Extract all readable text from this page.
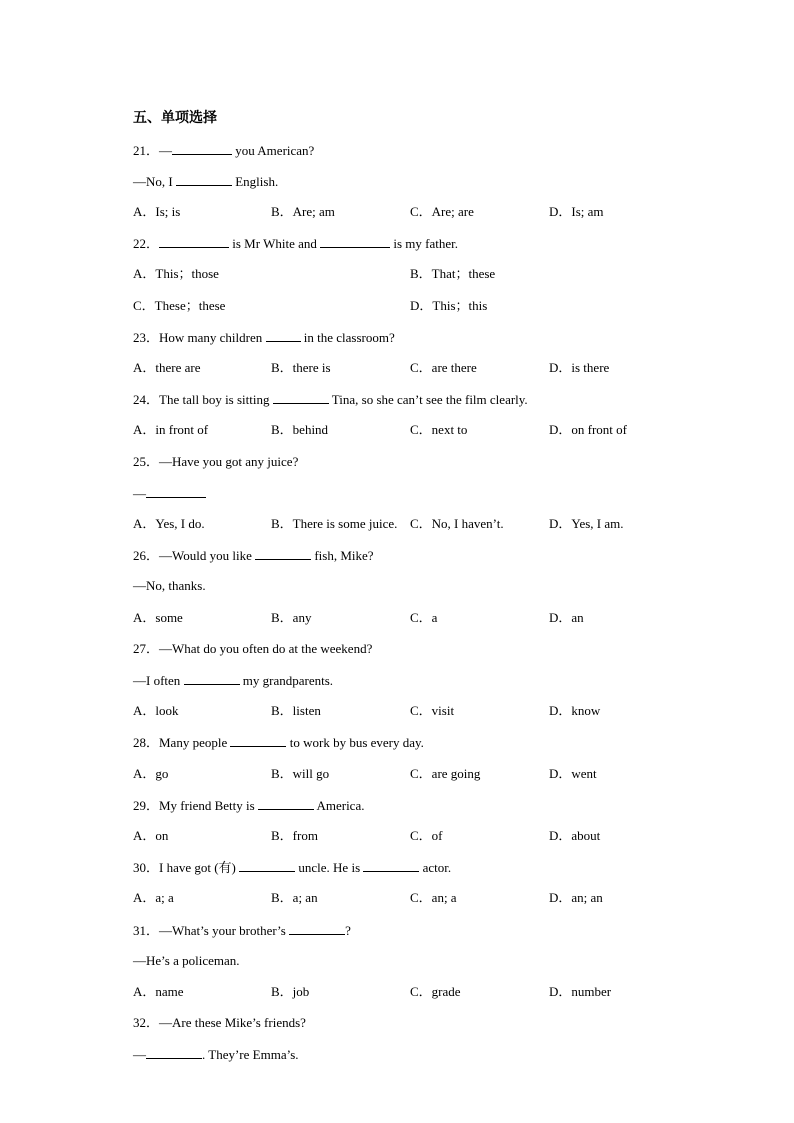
五、单项选择
21．—	you American?
—No, I	English.
A．Is; is	B．Are; am	C．Are; are	D．Is; am
22．	is Mr White and	is my father.
A．This；those	B．That；these
C．These；these	D．This；this
23．How many children	in the classroom?
A．there are	B．there is	C．are there	D．is there
24．The tall boy is sitting	Tina, so she can’t see the film clearly.
A．in front of	B．behind	C．next to	D．on front of
25．—Have you got any juice?
—
A．Yes, I do.	B．There is some juice. C．No, I haven’t.	D．Yes, I am.
26．—Would you like	fish, Mike?
—No, thanks.
A．some	B．any	C．a	D．an
27．—What do you often do at the weekend?
—I often	my grandparents.
A．look	B．listen	C．visit	D．know
28．Many people	to work by bus every day.
A．go	B．will go	C．are going	D．went
29．My friend Betty is	America.
A．on	B．from	C．of	D．about
30．I have got (有)	uncle. He is	actor.
A．a; a	B．a; an	C．an; a	D．an; an
31．—What’s your brother’s	?
—He’s a policeman.
A．name	B．job	C．grade	D．number
32．—Are these Mike’s friends?
—	. They’re Emma’s.
